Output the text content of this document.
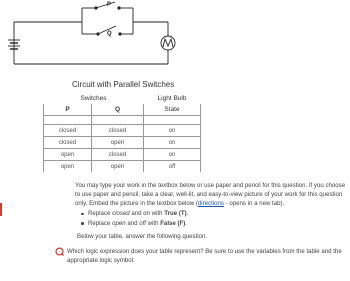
P
Q
Circuit with Parallel Switches
Switches		Light Bulb
P	Q	State

closed	closed	on
closed	open	on
open	closed	on
open	open	off
You may type your work in the textbox below or use paper and pencil for this question. If you choose to use paper and pencil, take a clear, well-lit, and easy-to-view picture of your work for this question only. Embed the picture in the textbox below (directions - opens in a new tab).
Replace closed and on with True (T).
Replace open and off with False (F).
Below your table, answer the following question.
Which logic expression does your table represent? Be sure to use the variables from the table and the appropriate logic symbol.
